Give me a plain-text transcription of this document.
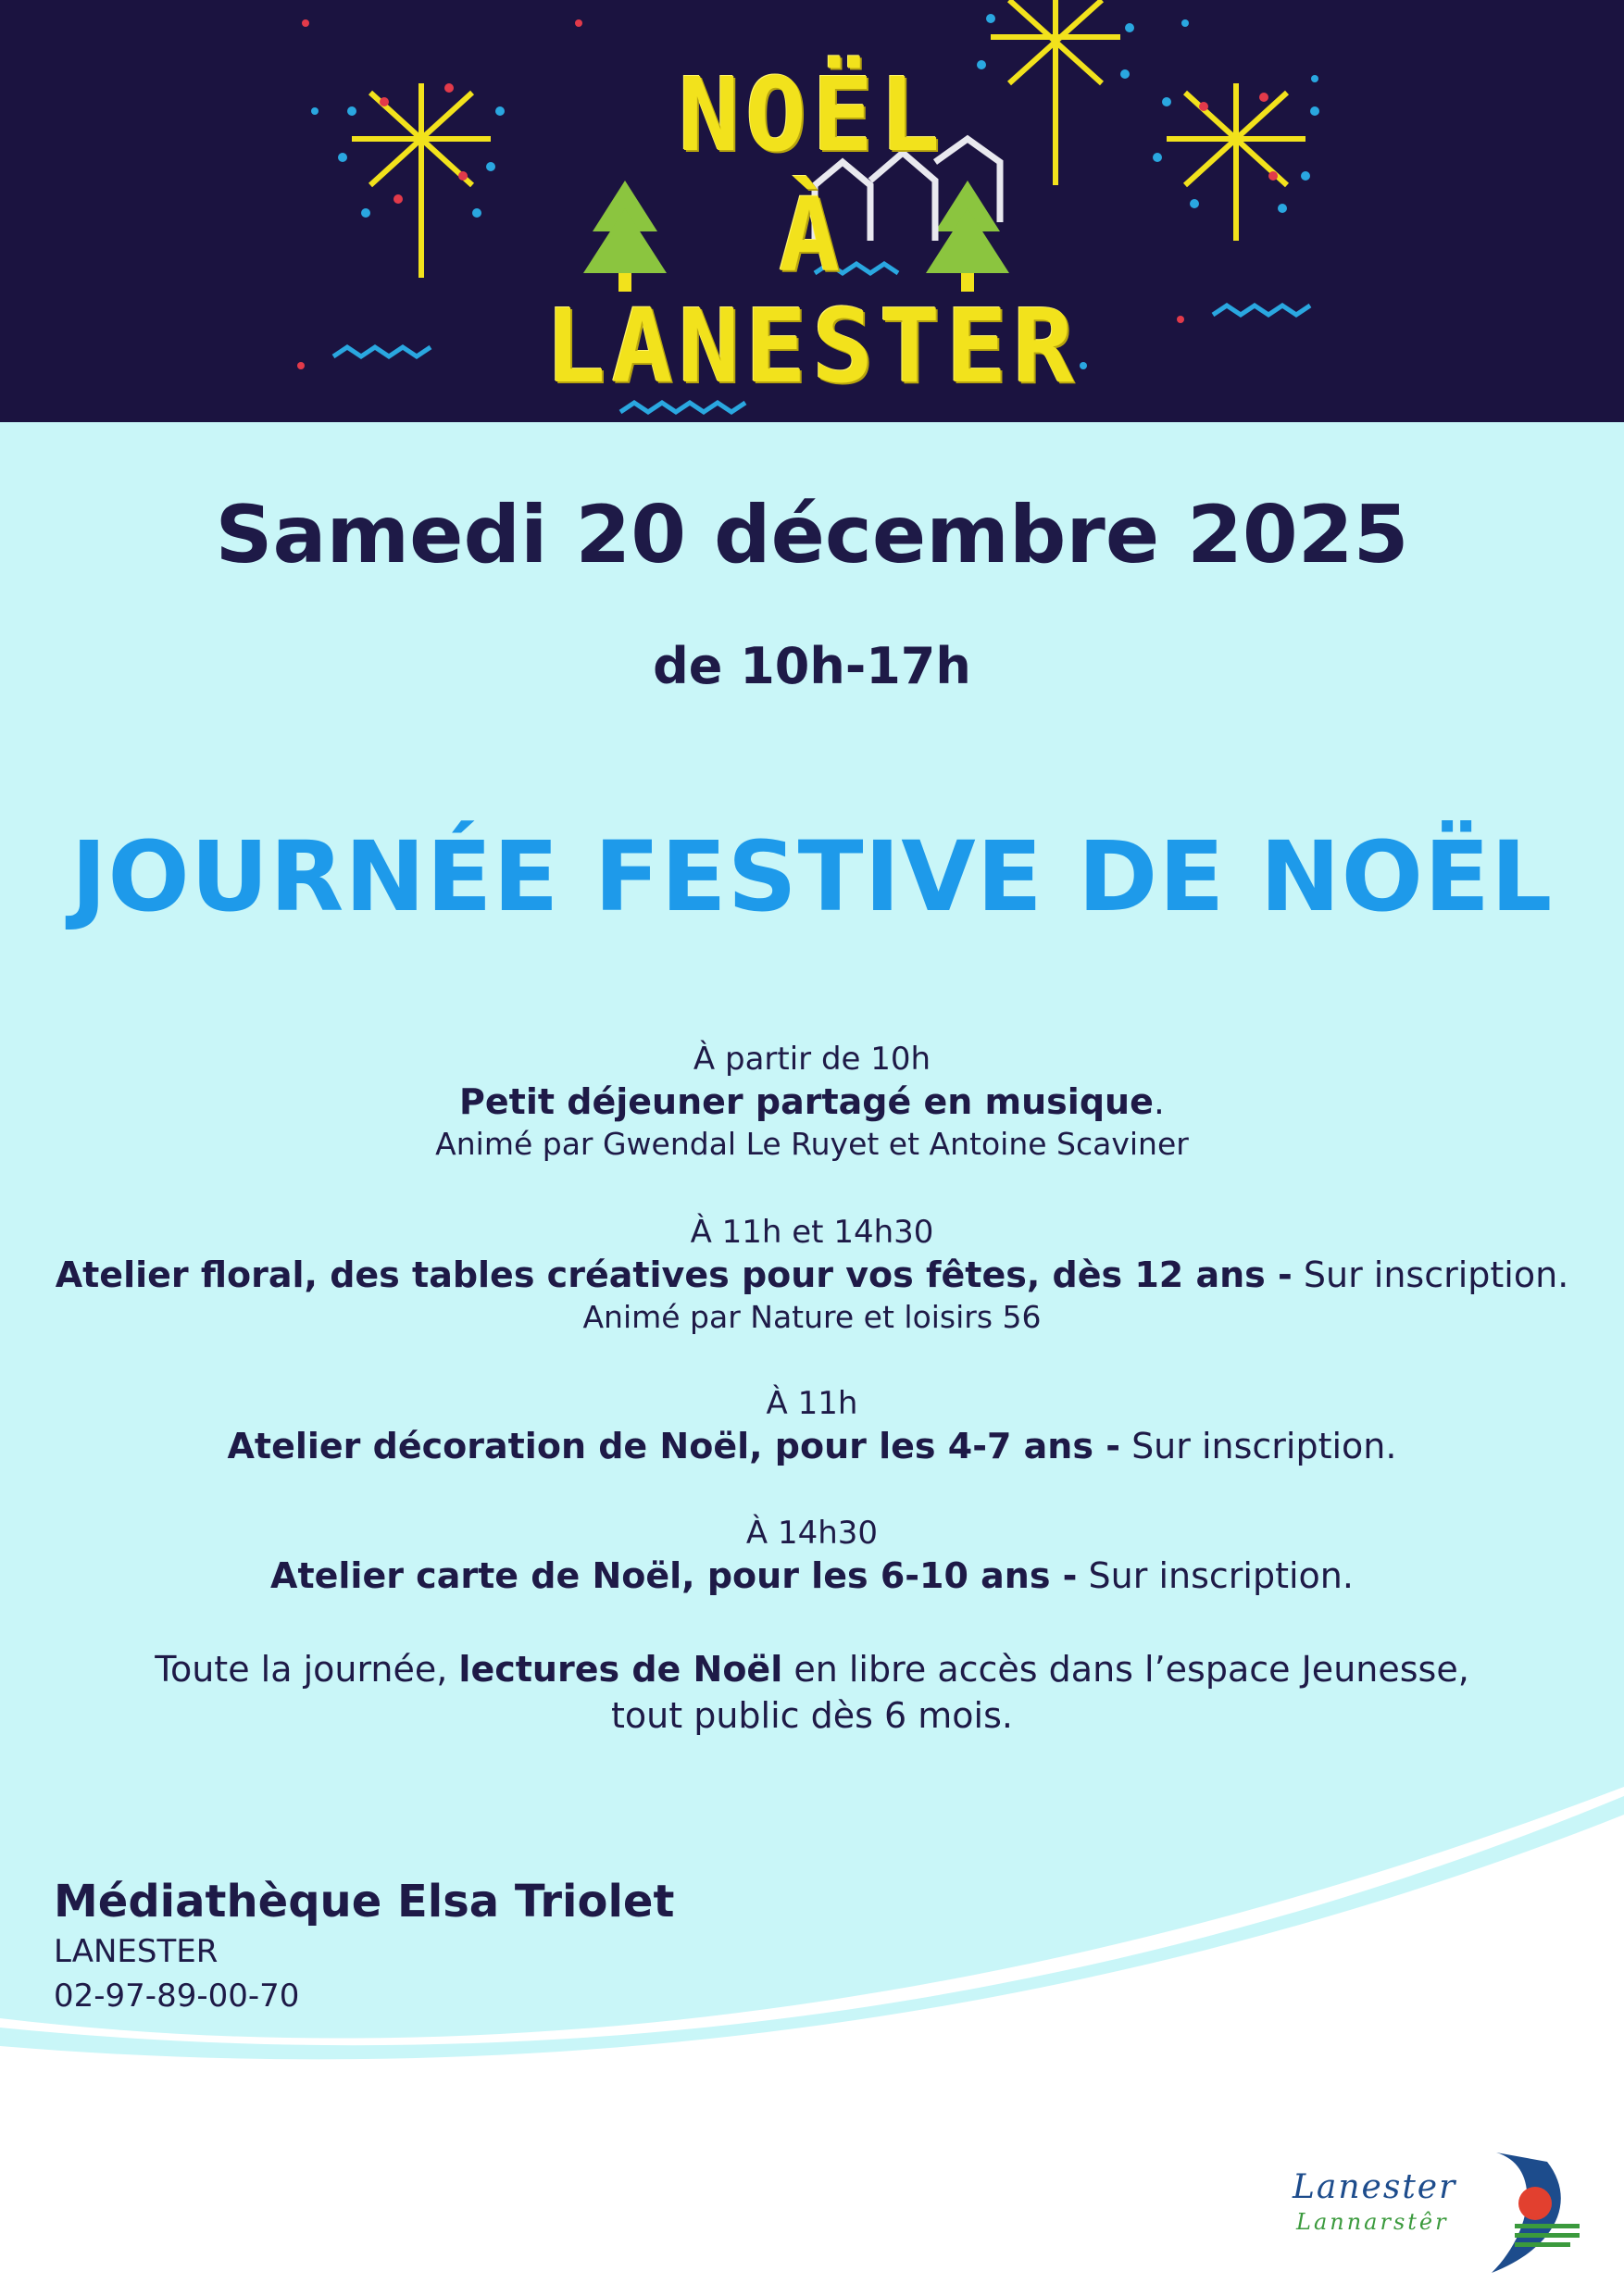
NOËL
À
LANESTER
Samedi 20 décembre 2025
de 10h-17h
JOURNÉE FESTIVE DE NOËL
À partir de 10h
Petit déjeuner partagé en musique.
Animé par Gwendal Le Ruyet et Antoine Scaviner
À 11h et 14h30
Atelier floral, des tables créatives pour vos fêtes, dès 12 ans - Sur inscription.
Animé par Nature et loisirs 56
À 11h
Atelier décoration de Noël, pour les 4-7 ans - Sur inscription.
À 14h30
Atelier carte de Noël, pour les 6-10 ans - Sur inscription.
Toute la journée, lectures de Noël en libre accès dans l’espace Jeunesse,
tout public dès 6 mois.
Médiathèque Elsa Triolet
LANESTER
02-97-89-00-70
Lanester
Lannarstêr
